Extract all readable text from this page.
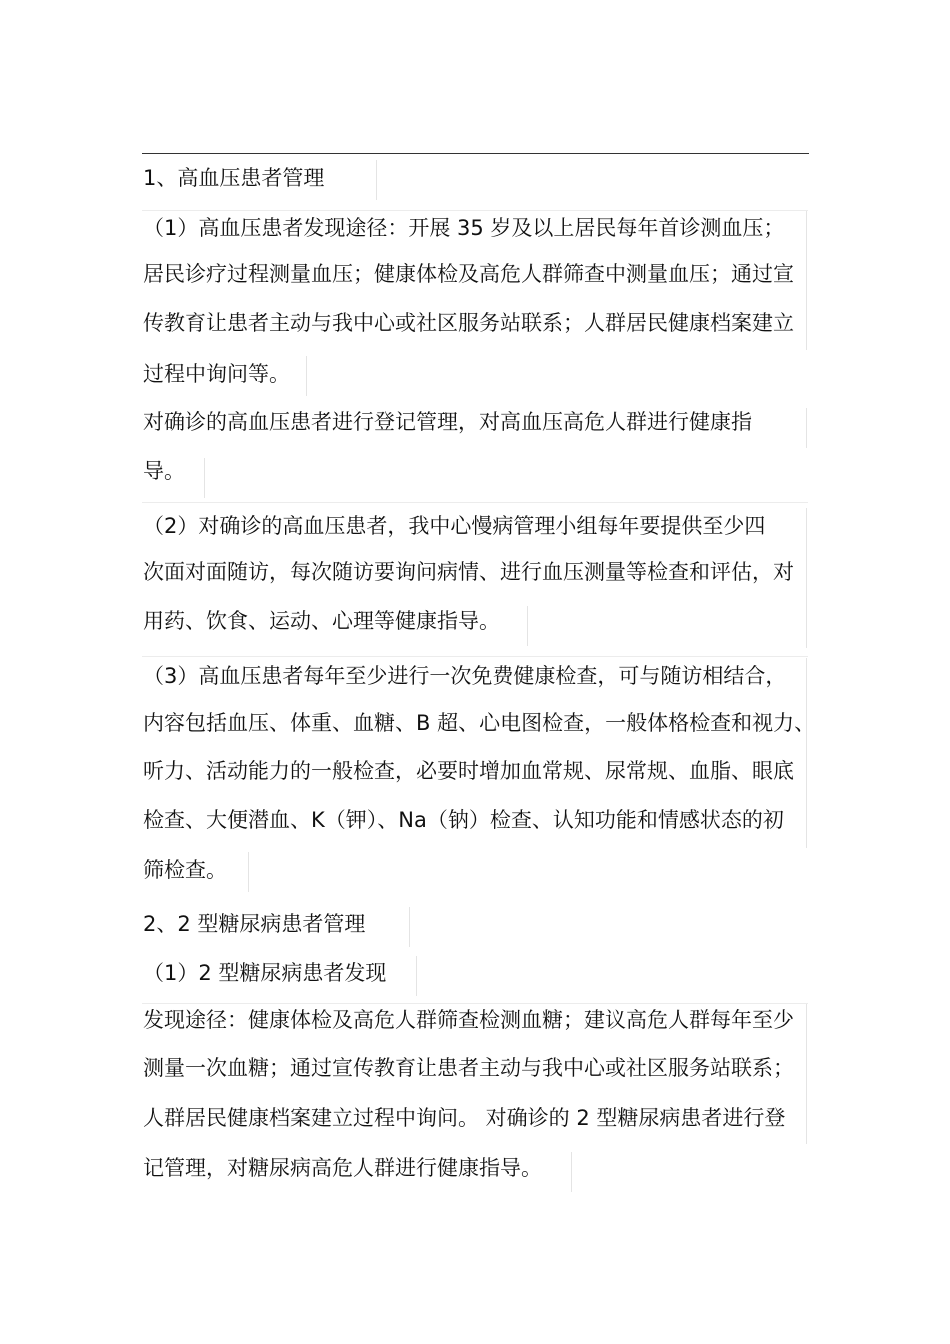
1、高血压患者管理
（1）高血压患者发现途径：开展 35 岁及以上居民每年首诊测血压；
居民诊疗过程测量血压；健康体检及高危人群筛查中测量血压；通过宣
传教育让患者主动与我中心或社区服务站联系；人群居民健康档案建立
过程中询问等。
对确诊的高血压患者进行登记管理，对高血压高危人群进行健康指
导。
（2）对确诊的高血压患者，我中心慢病管理小组每年要提供至少四
次面对面随访，每次随访要询问病情、进行血压测量等检查和评估，对
用药、饮食、运动、心理等健康指导。
（3）高血压患者每年至少进行一次免费健康检查，可与随访相结合，
内容包括血压、体重、血糖、B 超、心电图检查，一般体格检查和视力、
听力、活动能力的一般检查，必要时增加血常规、尿常规、血脂、眼底
检查、大便潜血、K（钾）、Na（钠）检查、认知功能和情感状态的初
筛检查。
2、2 型糖尿病患者管理
（1）2 型糖尿病患者发现
发现途径：健康体检及高危人群筛查检测血糖；建议高危人群每年至少
测量一次血糖；通过宣传教育让患者主动与我中心或社区服务站联系；
人群居民健康档案建立过程中询问。 对确诊的 2 型糖尿病患者进行登
记管理，对糖尿病高危人群进行健康指导。
